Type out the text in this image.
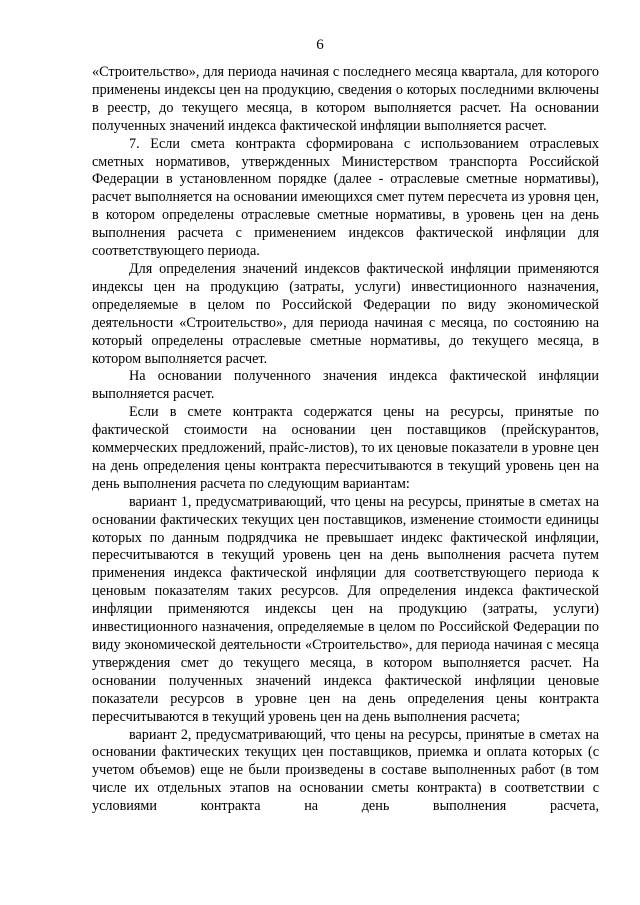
6

«Строительство», для периода начиная с последнего месяца квартала, для которого применены индексы цен на продукцию, сведения о которых последними включены в реестр, до текущего месяца, в котором выполняется расчет. На основании полученных значений индекса фактической инфляции выполняется расчет.

7. Если смета контракта сформирована с использованием отраслевых сметных нормативов, утвержденных Министерством транспорта Российской Федерации в установленном порядке (далее - отраслевые сметные нормативы), расчет выполняется на основании имеющихся смет путем пересчета из уровня цен, в котором определены отраслевые сметные нормативы, в уровень цен на день выполнения расчета с применением индексов фактической инфляции для соответствующего периода.

Для определения значений индексов фактической инфляции применяются индексы цен на продукцию (затраты, услуги) инвестиционного назначения, определяемые в целом по Российской Федерации по виду экономической деятельности «Строительство», для периода начиная с месяца, по состоянию на который определены отраслевые сметные нормативы, до текущего месяца, в котором выполняется расчет.

На основании полученного значения индекса фактической инфляции выполняется расчет.

Если в смете контракта содержатся цены на ресурсы, принятые по фактической стоимости на основании цен поставщиков (прейскурантов, коммерческих предложений, прайс-листов), то их ценовые показатели в уровне цен на день определения цены контракта пересчитываются в текущий уровень цен на день выполнения расчета по следующим вариантам:

вариант 1, предусматривающий, что цены на ресурсы, принятые в сметах на основании фактических текущих цен поставщиков, изменение стоимости единицы которых по данным подрядчика не превышает индекс фактической инфляции, пересчитываются в текущий уровень цен на день выполнения расчета путем применения индекса фактической инфляции для соответствующего периода к ценовым показателям таких ресурсов. Для определения индекса фактической инфляции применяются индексы цен на продукцию (затраты, услуги) инвестиционного назначения, определяемые в целом по Российской Федерации по виду экономической деятельности «Строительство», для периода начиная с месяца утверждения смет до текущего месяца, в котором выполняется расчет. На основании полученных значений индекса фактической инфляции ценовые показатели ресурсов в уровне цен на день определения цены контракта пересчитываются в текущий уровень цен на день выполнения расчета;

вариант 2, предусматривающий, что цены на ресурсы, принятые в сметах на основании фактических текущих цен поставщиков, приемка и оплата которых (с учетом объемов) еще не были произведены в составе выполненных работ (в том числе их отдельных этапов на основании сметы контракта) в соответствии с условиями контракта на день выполнения расчета,
